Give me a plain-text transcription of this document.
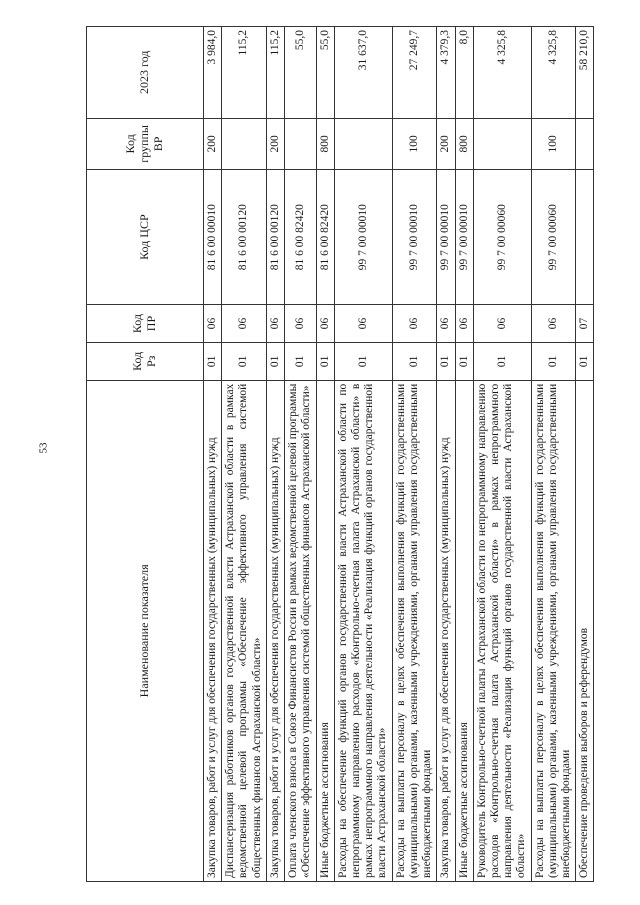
53
Наименование показателя	Код Рз	Код ПР	Код ЦСР	Код группы ВР	2023 год
Закупка товаров, работ и услуг для обеспечения государственных (муниципальных) нужд	01	06	81 6 00 00010	200	3 984,0
Диспансеризация работников органов государственной власти Астраханской области в рамках ведомственной целевой программы «Обеспечение эффективного управления системой общественных финансов Астраханской области»	01	06	81 6 00 00120		115,2
Закупка товаров, работ и услуг для обеспечения государственных (муниципальных) нужд	01	06	81 6 00 00120	200	115,2
Оплата членского взноса в Союзе Финансистов России в рамках ведомственной целевой программы «Обеспечение эффективного управления системой общественных финансов Астраханской области»	01	06	81 6 00 82420		55,0
Иные бюджетные ассигнования	01	06	81 6 00 82420	800	55,0
Расходы на обеспечение функций органов государственной власти Астраханской области по непрограммному направлению расходов «Контрольно-счетная палата Астраханской области» в рамках непрограммного направления деятельности «Реализация функций органов государственной власти Астраханской области»	01	06	99 7 00 00010		31 637,0
Расходы на выплаты персоналу в целях обеспечения выполнения функций государственными (муниципальными) органами, казенными учреждениями, органами управления государственными внебюджетными фондами	01	06	99 7 00 00010	100	27 249,7
Закупка товаров, работ и услуг для обеспечения государственных (муниципальных) нужд	01	06	99 7 00 00010	200	4 379,3
Иные бюджетные ассигнования	01	06	99 7 00 00010	800	8,0
Руководитель Контрольно-счетной палаты Астраханской области по непрограммному направлению расходов «Контрольно-счетная палата Астраханской области» в рамках непрограммного направления деятельности «Реализация функций органов государственной власти Астраханской области»	01	06	99 7 00 00060		4 325,8
Расходы на выплаты персоналу в целях обеспечения выполнения функций государственными (муниципальными) органами, казенными учреждениями, органами управления государственными внебюджетными фондами	01	06	99 7 00 00060	100	4 325,8
Обеспечение проведения выборов и референдумов	01	07			58 210,0
